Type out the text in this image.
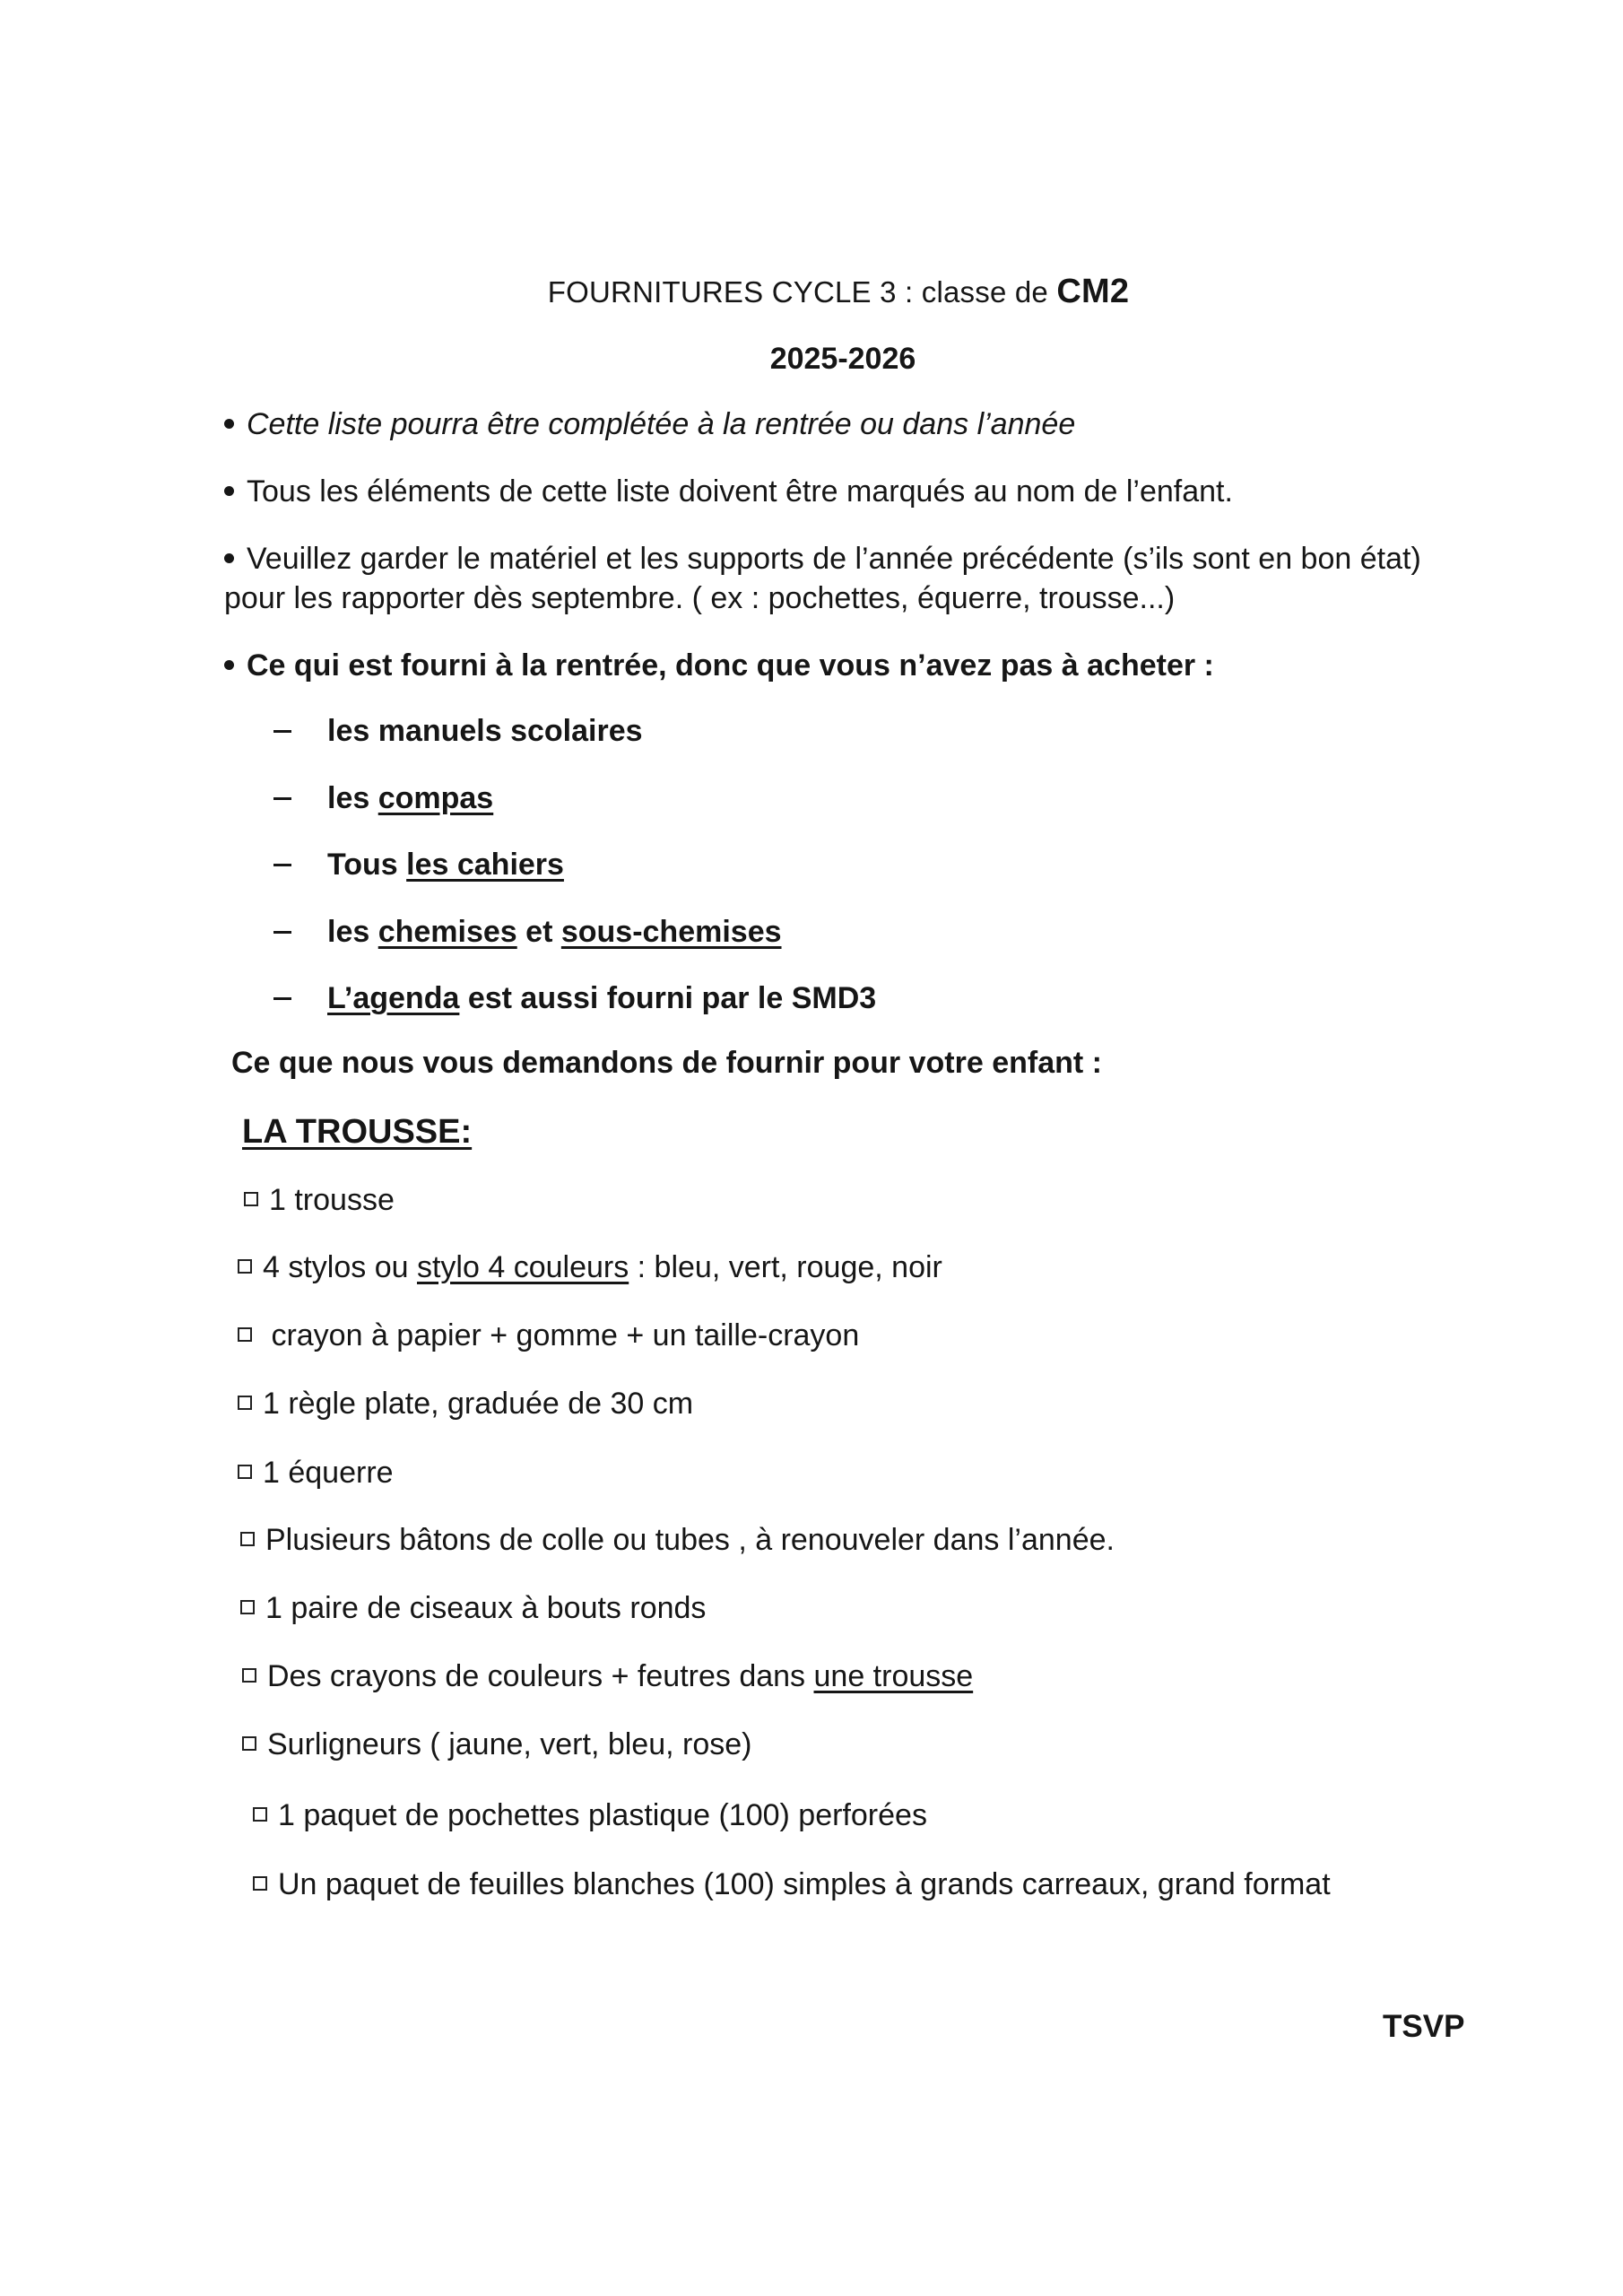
FOURNITURES CYCLE 3 : classe de CM2
2025-2026
Cette liste pourra être complétée à la rentrée ou dans l’année
Tous les éléments de cette liste doivent être marqués au nom de l’enfant.
Veuillez garder le matériel et les supports de l’année précédente (s’ils sont en bon état)
pour les rapporter dès septembre. ( ex : pochettes, équerre, trousse...)
Ce qui est fourni à la rentrée, donc que vous n’avez pas à acheter :
les manuels scolaires
les compas
Tous les cahiers
les chemises et sous-chemises
L’agenda est aussi fourni par le SMD3
Ce que nous vous demandons de fournir pour votre enfant :
LA TROUSSE:
1 trousse
4 stylos ou stylo 4 couleurs : bleu, vert, rouge, noir
crayon à papier + gomme + un taille-crayon
1 règle plate, graduée de 30 cm
1 équerre
Plusieurs bâtons de colle ou tubes , à renouveler dans l’année.
1 paire de ciseaux à bouts ronds
Des crayons de couleurs + feutres dans une trousse
Surligneurs ( jaune, vert, bleu, rose)
1 paquet de pochettes plastique (100) perforées
Un paquet de feuilles blanches (100) simples à grands carreaux, grand format
TSVP
